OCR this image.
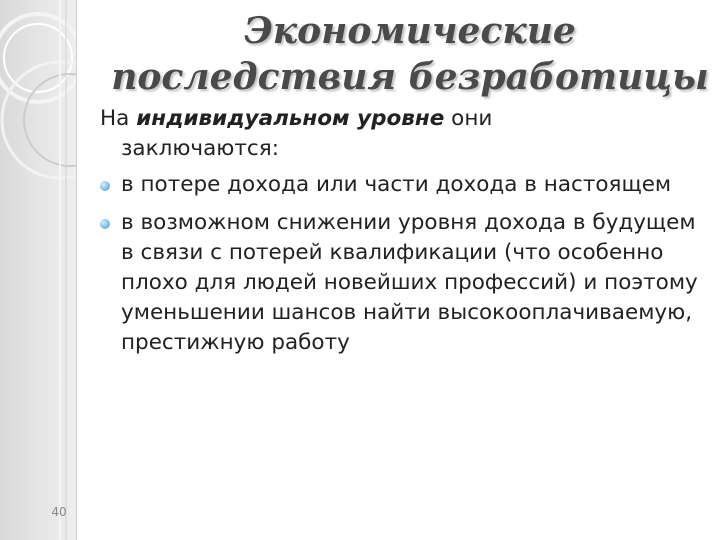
40
Экономические
последствия безработицы

На индивидуальном уровне они
заключаются:

в потере дохода или части дохода в настоящем
в возможном снижении уровня дохода в будущем в связи с потерей квалификации (что особенно плохо для людей новейших профессий) и поэтому уменьшении шансов найти высокооплачиваемую, престижную работу
